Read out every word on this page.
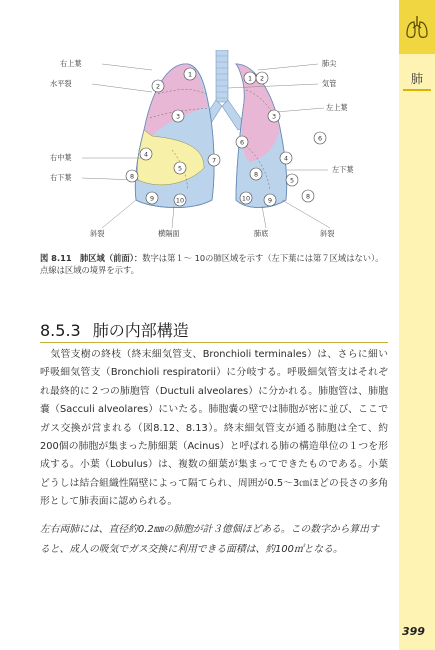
肺
右上葉
水平裂
右中葉
右下葉
斜裂	横隔面
肺尖
気管
左上葉
左下葉
肺底	斜裂
1
2
3
4
5
7
8
9	10
1 2
3
6	6
4
8
5
10	9	8
図 8.11　肺区域（前面）：数字は第１～ 10の肺区域を示す（左下葉には第７区域はない）。点線は区域の境界を示す。
8.5.3 肺の内部構造

気管支樹の終枝（終末細気管支、Bronchioli terminales）は、さらに細い呼吸細気管支（Bronchioli respiratorii）に分岐する。呼吸細気管支はそれぞれ最終的に２つの肺胞管（Ductuli alveolares）に分かれる。肺胞管は、肺胞嚢（Sacculi alveolares）にいたる。肺胞嚢の壁では肺胞が密に並び、ここでガス交換が営まれる（図8.12、8.13）。終末細気管支が通る肺胞は全て、約200個の肺胞が集まった肺細葉（Acinus）と呼ばれる肺の構造単位の１つを形成する。小葉（Lobulus）は、複数の細葉が集まってできたものである。小葉どうしは結合組織性隔壁によって隔てられ、周囲が0.5～3㎝ほどの長さの多角形として肺表面に認められる。

左右両肺には、直径約0.2㎜の肺胞が計３億個ほどある。この数字から算出すると、成人の吸気でガス交換に利用できる面積は、約100㎡となる。

399
